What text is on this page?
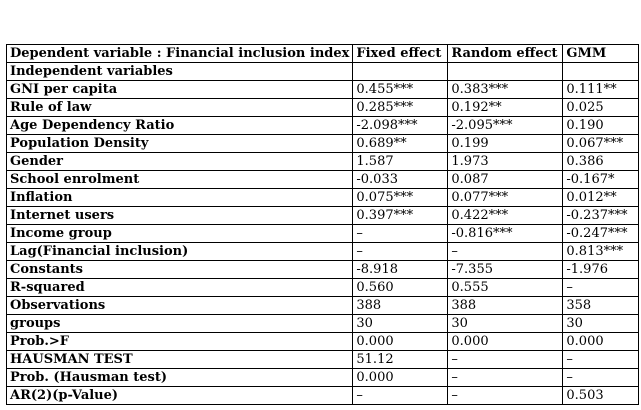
Dependent variable : Financial inclusion index	Fixed effect	Random effect	GMM
Independent variables			
GNI per capita	0.455***	0.383***	0.111**
Rule of law	0.285***	0.192**	0.025
Age Dependency Ratio	-2.098***	-2.095***	0.190
Population Density	0.689**	0.199	0.067***
Gender	1.587	1.973	0.386
School enrolment	-0.033	0.087	-0.167*
Inflation	0.075***	0.077***	0.012**
Internet users	0.397***	0.422***	-0.237***
Income group	–	-0.816***	-0.247***
Lag(Financial inclusion)	–	–	0.813***
Constants	-8.918	-7.355	-1.976
R-squared	0.560	0.555	–
Observations	388	388	358
groups	30	30	30
Prob.>F	0.000	0.000	0.000
HAUSMAN TEST	51.12	–	–
Prob. (Hausman test)	0.000	–	–
AR(2)(p-Value)	–	–	0.503
